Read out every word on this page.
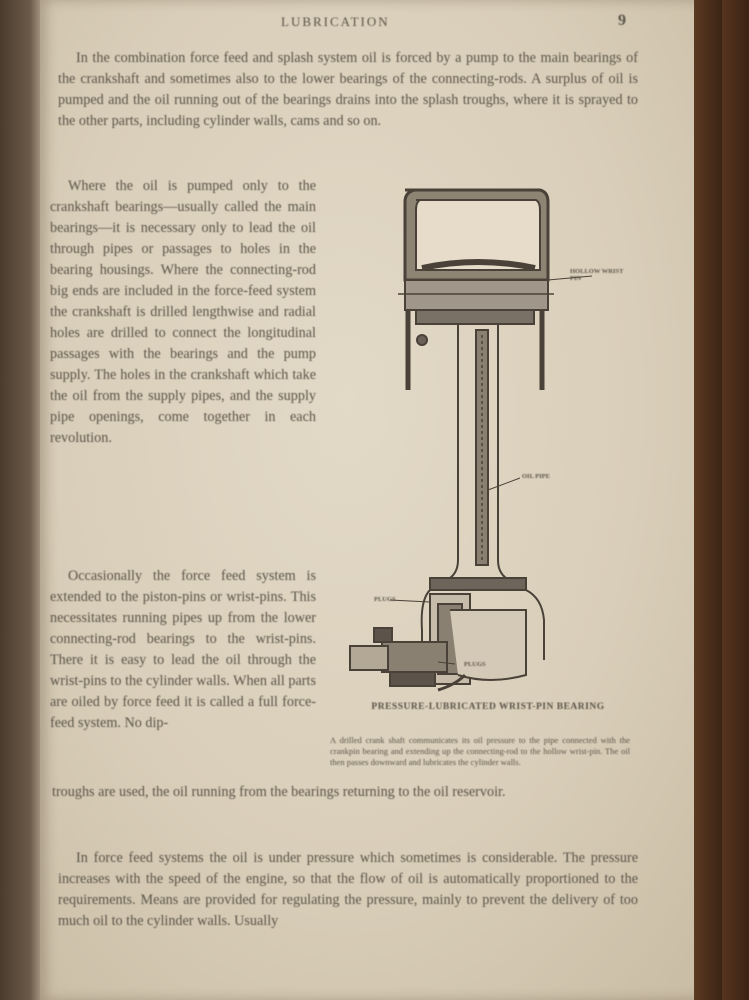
LUBRICATION	9
In the combination force feed and splash system oil is forced by a pump to the main bearings of the crankshaft and sometimes also to the lower bearings of the connecting-rods. A surplus of oil is pumped and the oil running out of the bearings drains into the splash troughs, where it is sprayed to the other parts, including cylinder walls, cams and so on.
Where the oil is pumped only to the crankshaft bearings—usually called the main bearings—it is necessary only to lead the oil through pipes or passages to holes in the bearing housings. Where the connecting-rod big ends are included in the force-feed system the crankshaft is drilled lengthwise and radial holes are drilled to connect the longitudinal passages with the bearings and the pump supply. The holes in the crankshaft which take the oil from the supply pipes, and the supply pipe openings, come together in each revolution.
Occasionally the force feed system is extended to the piston-pins or wrist-pins. This necessitates running pipes up from the lower connecting-rod bearings to the wrist-pins. There it is easy to lead the oil through the wrist-pins to the cylinder walls. When all parts are oiled by force feed it is called a full force-feed system. No dip-
troughs are used, the oil running from the bearings returning to the oil reservoir.
In force feed systems the oil is under pressure which sometimes is considerable. The pressure increases with the speed of the engine, so that the flow of oil is automatically proportioned to the requirements. Means are provided for regulating the pressure, mainly to prevent the delivery of too much oil to the cylinder walls. Usually
HOLLOW WRIST PIN
OIL PIPE
PLUGS
PLUGS
PRESSURE-LUBRICATED WRIST-PIN BEARING
A drilled crank shaft communicates its oil pressure to the pipe connected with the crankpin bearing and extending up the connecting-rod to the hollow wrist-pin. The oil then passes downward and lubricates the cylinder walls.
